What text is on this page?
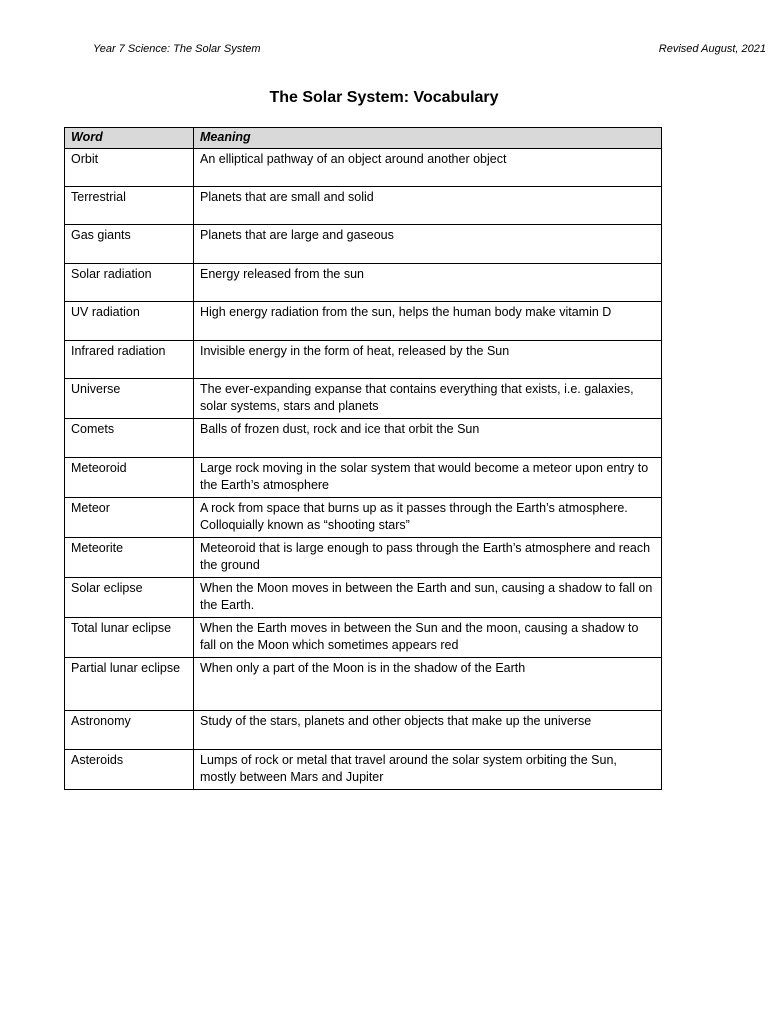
Year 7 Science: The Solar System	Revised August, 2021
The Solar System: Vocabulary
Word	Meaning
Orbit	An elliptical pathway of an object around another object
Terrestrial	Planets that are small and solid
Gas giants	Planets that are large and gaseous
Solar radiation	Energy released from the sun
UV radiation	High energy radiation from the sun, helps the human body make vitamin D
Infrared radiation	Invisible energy in the form of heat, released by the Sun
Universe	The ever-expanding expanse that contains everything that exists, i.e. galaxies, solar systems, stars and planets
Comets	Balls of frozen dust, rock and ice that orbit the Sun
Meteoroid	Large rock moving in the solar system that would become a meteor upon entry to the Earth’s atmosphere
Meteor	A rock from space that burns up as it passes through the Earth’s atmosphere. Colloquially known as “shooting stars”
Meteorite	Meteoroid that is large enough to pass through the Earth’s atmosphere and reach the ground
Solar eclipse	When the Moon moves in between the Earth and sun, causing a shadow to fall on the Earth.
Total lunar eclipse	When the Earth moves in between the Sun and the moon, causing a shadow to fall on the Moon which sometimes appears red
Partial lunar eclipse	When only a part of the Moon is in the shadow of the Earth
Astronomy	Study of the stars, planets and other objects that make up the universe
Asteroids	Lumps of rock or metal that travel around the solar system orbiting the Sun, mostly between Mars and Jupiter
